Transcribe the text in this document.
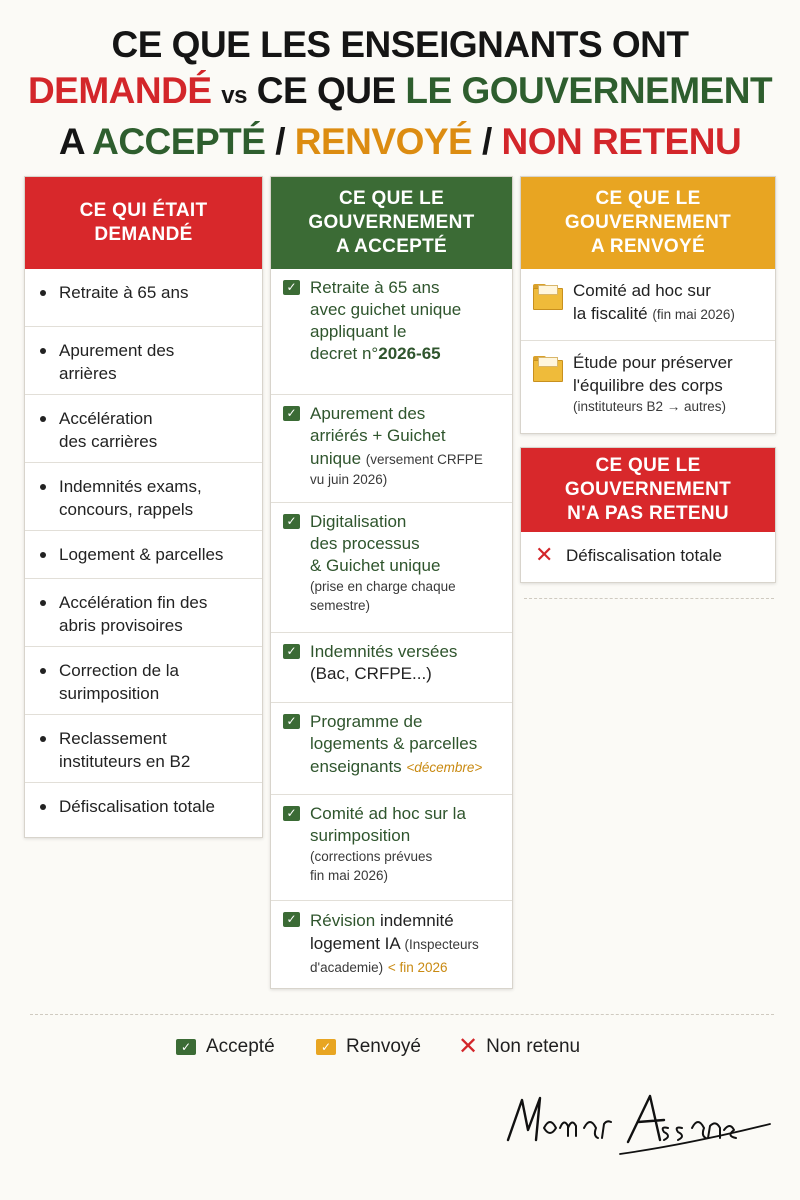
CE QUE LES ENSEIGNANTS ONT
DEMANDÉ vs CE QUE LE GOUVERNEMENT
A ACCEPTÉ / RENVOYÉ / NON RETENU
CE QUI ÉTAIT
DEMANDÉ
Retraite à 65 ans
Apurement des
arrières
Accélération
des carrières
Indemnités exams,
concours, rappels
Logement & parcelles
Accélération fin des
abris provisoires
Correction de la
surimposition
Reclassement
instituteurs en B2
Défiscalisation totale
CE QUE LE
GOUVERNEMENT
A ACCEPTÉ
✓ Retraite à 65 ans
avec guichet unique
appliquant le
decret n°2026-65
✓ Apurement des
arriérés + Guichet
unique (versement CRFPE
vu juin 2026)
✓ Digitalisation
des processus
& Guichet unique
(prise en charge chaque
semestre)
✓ Indemnités versées
(Bac, CRFPE...)
✓ Programme de
logements & parcelles
enseignants <décembre>
✓ Comité ad hoc sur la
surimposition
(corrections prévues
fin mai 2026)
✓ Révision indemnité
logement IA (Inspecteurs
d'academie) < fin 2026
CE QUE LE
GOUVERNEMENT
A RENVOYÉ
Comité ad hoc sur
la fiscalité (fin mai 2026)
Étude pour préserver
l'équilibre des corps
(instituteurs B2 → autres)
CE QUE LE
GOUVERNEMENT
N'A PAS RETENU
✕ Défiscalisation totale
✓ Accepté	✓ Renvoyé ✕ Non retenu
